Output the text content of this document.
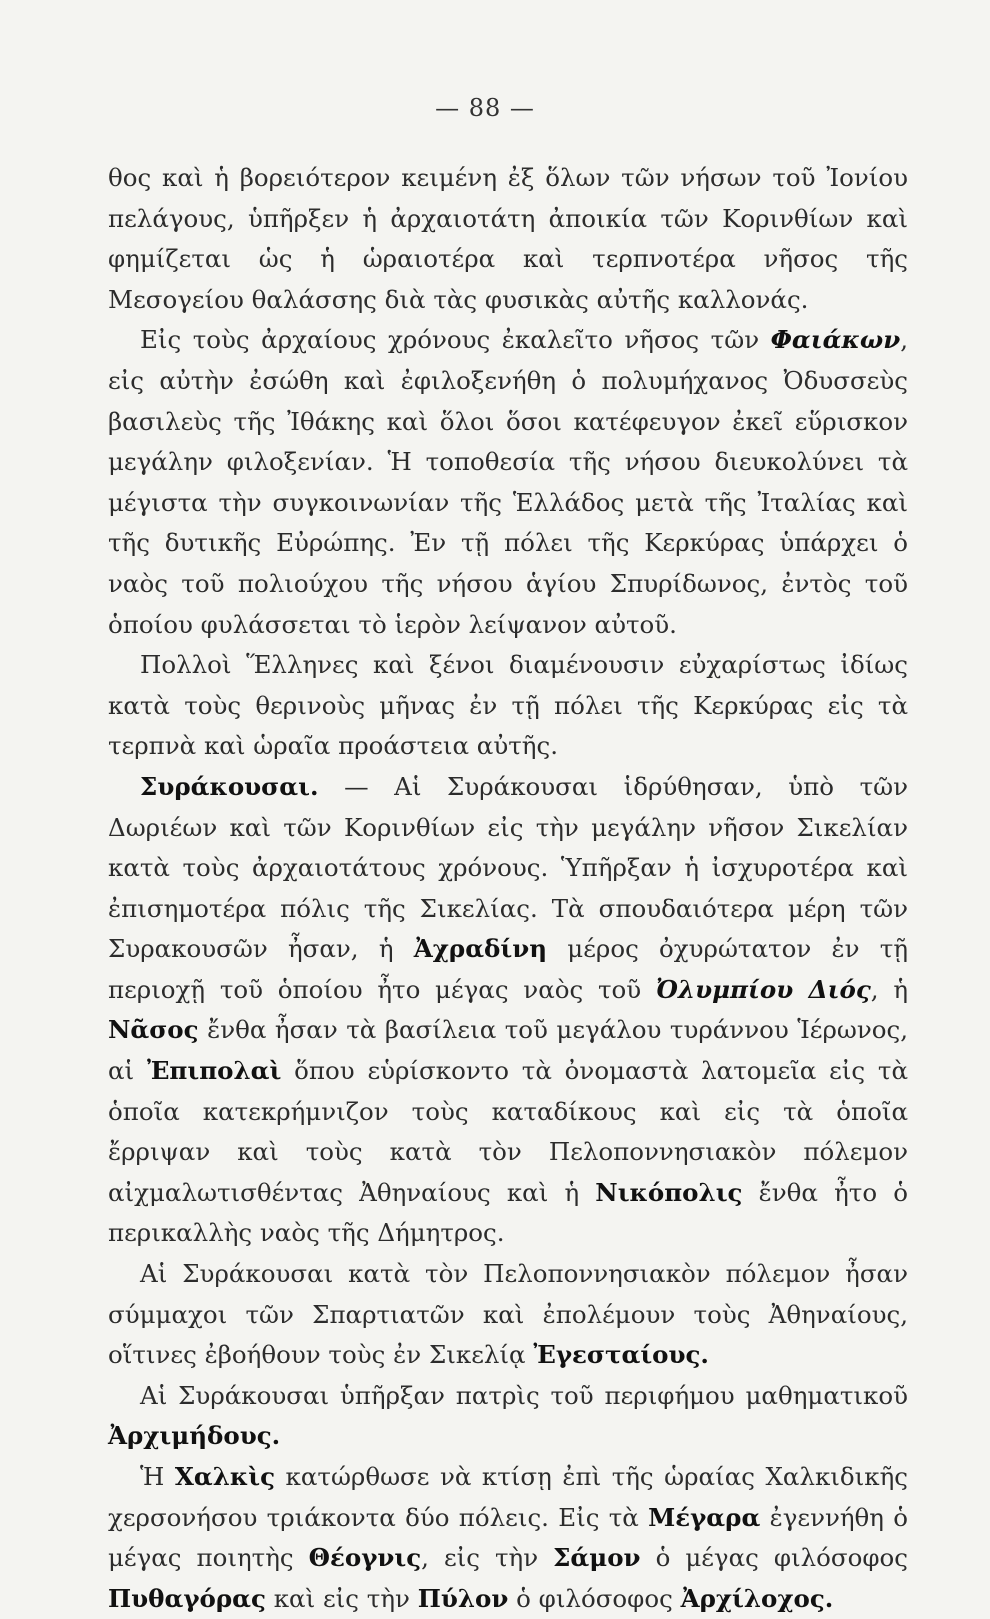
— 88 —

θος καὶ ἡ βορειότερον κειμένη ἐξ ὅλων τῶν νήσων τοῦ Ἰονίου πελάγους, ὑπῆρξεν ἡ ἀρχαιοτάτη ἀποικία τῶν Κορινθίων καὶ φημίζεται ὡς ἡ ὡραιοτέρα καὶ τερπνοτέρα νῆσος τῆς Μεσογείου θαλάσσης διὰ τὰς φυσικὰς αὐτῆς καλλονάς.

Εἰς τοὺς ἀρχαίους χρόνους ἐκαλεῖτο νῆσος τῶν Φαιάκων, εἰς αὐτὴν ἐσώθη καὶ ἐφιλοξενήθη ὁ πολυμήχανος Ὀδυσσεὺς βασιλεὺς τῆς Ἰθάκης καὶ ὅλοι ὅσοι κατέφευγον ἐκεῖ εὕρισκον μεγάλην φιλοξενίαν. Ἡ τοποθεσία τῆς νήσου διευκολύνει τὰ μέγιστα τὴν συγκοινωνίαν τῆς Ἑλλάδος μετὰ τῆς Ἰταλίας καὶ τῆς δυτικῆς Εὐρώπης. Ἐν τῇ πόλει τῆς Κερκύρας ὑπάρχει ὁ ναὸς τοῦ πολιούχου τῆς νήσου ἁγίου Σπυρίδωνος, ἐντὸς τοῦ ὁποίου φυλάσσεται τὸ ἱερὸν λείψανον αὐτοῦ.

Πολλοὶ Ἕλληνες καὶ ξένοι διαμένουσιν εὐχαρίστως ἰδίως κατὰ τοὺς θερινοὺς μῆνας ἐν τῇ πόλει τῆς Κερκύρας εἰς τὰ τερπνὰ καὶ ὡραῖα προάστεια αὐτῆς.

Συράκουσαι. — Αἱ Συράκουσαι ἱδρύθησαν, ὑπὸ τῶν Δωριέων καὶ τῶν Κορινθίων εἰς τὴν μεγάλην νῆσον Σικελίαν κατὰ τοὺς ἀρχαιοτάτους χρόνους. Ὑπῆρξαν ἡ ἰσχυροτέρα καὶ ἐπισημοτέρα πόλις τῆς Σικελίας. Τὰ σπουδαιότερα μέρη τῶν Συρακουσῶν ἦσαν, ἡ Ἀχραδίνη μέρος ὀχυρώτατον ἐν τῇ περιοχῇ τοῦ ὁποίου ἦτο μέγας ναὸς τοῦ Ὀλυμπίου Διός, ἡ Νᾶσος ἔνθα ἦσαν τὰ βασίλεια τοῦ μεγάλου τυράννου Ἱέρωνος, αἱ Ἐπιπολαὶ ὅπου εὑρίσκοντο τὰ ὀνομαστὰ λατομεῖα εἰς τὰ ὁποῖα κατεκρήμνιζον τοὺς καταδίκους καὶ εἰς τὰ ὁποῖα ἔρριψαν καὶ τοὺς κατὰ τὸν Πελοποννησιακὸν πόλεμον αἰχμαλωτισθέντας Ἀθηναίους καὶ ἡ Νικόπολις ἔνθα ἦτο ὁ περικαλλὴς ναὸς τῆς Δήμητρος.

Αἱ Συράκουσαι κατὰ τὸν Πελοποννησιακὸν πόλεμον ἦσαν σύμμαχοι τῶν Σπαρτιατῶν καὶ ἐπολέμουν τοὺς Ἀθηναίους, οἵτινες ἐβοήθουν τοὺς ἐν Σικελίᾳ Ἐγεσταίους.

Αἱ Συράκουσαι ὑπῆρξαν πατρὶς τοῦ περιφήμου μαθηματικοῦ Ἀρχιμήδους.

Ἡ Χαλκὶς κατώρθωσε νὰ κτίσῃ ἐπὶ τῆς ὡραίας Χαλκιδικῆς χερσονήσου τριάκοντα δύο πόλεις. Εἰς τὰ Μέγαρα ἐγεννήθη ὁ μέγας ποιητὴς Θέογνις, εἰς τὴν Σάμον ὁ μέγας φιλόσοφος Πυθαγόρας καὶ εἰς τὴν Πύλον ὁ φιλόσοφος Ἀρχίλοχος.
